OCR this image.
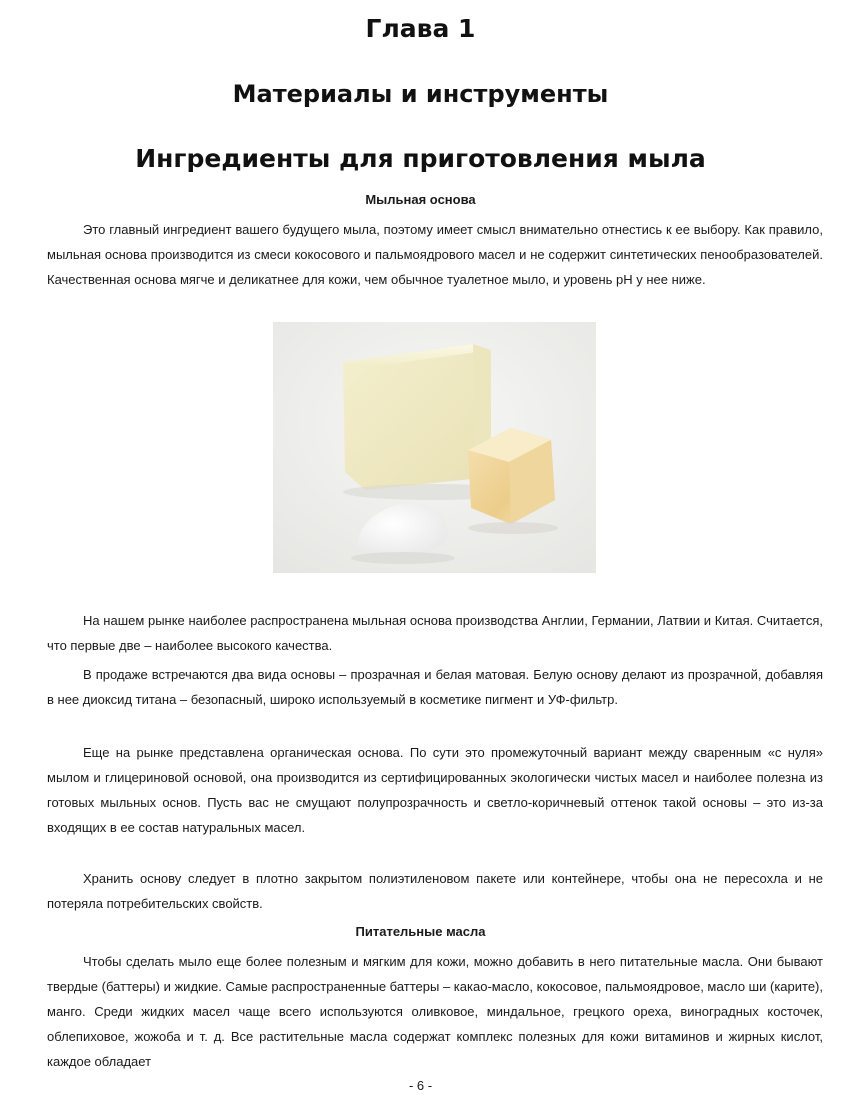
Глава 1
Материалы и инструменты
Ингредиенты для приготовления мыла
Мыльная основа

Это главный ингредиент вашего будущего мыла, поэтому имеет смысл внимательно отнестись к ее выбору. Как правило, мыльная основа производится из смеси кокосового и пальмоядрового масел и не содержит синтетических пенообразователей. Качественная основа мягче и деликатнее для кожи, чем обычное туалетное мыло, и уровень pH у нее ниже.

На нашем рынке наиболее распространена мыльная основа производства Англии, Германии, Латвии и Китая. Считается, что первые две – наиболее высокого качества.

В продаже встречаются два вида основы – прозрачная и белая матовая. Белую основу делают из прозрачной, добавляя в нее диоксид титана – безопасный, широко используемый в косметике пигмент и УФ-фильтр.

Еще на рынке представлена органическая основа. По сути это промежуточный вариант между сваренным «с нуля» мылом и глицериновой основой, она производится из сертифицированных экологически чистых масел и наиболее полезна из готовых мыльных основ. Пусть вас не смущают полупрозрачность и светло-коричневый оттенок такой основы – это из-за входящих в ее состав натуральных масел.

Хранить основу следует в плотно закрытом полиэтиленовом пакете или контейнере, чтобы она не пересохла и не потеряла потребительских свойств.

Питательные масла

Чтобы сделать мыло еще более полезным и мягким для кожи, можно добавить в него питательные масла. Они бывают твердые (баттеры) и жидкие. Самые распространенные баттеры – какао-масло, кокосовое, пальмоядровое, масло ши (карите), манго. Среди жидких масел чаще всего используются оливковое, миндальное, грецкого ореха, виноградных косточек, облепиховое, жожоба и т. д. Все растительные масла содержат комплекс полезных для кожи витаминов и жирных кислот, каждое обладает

- 6 -
